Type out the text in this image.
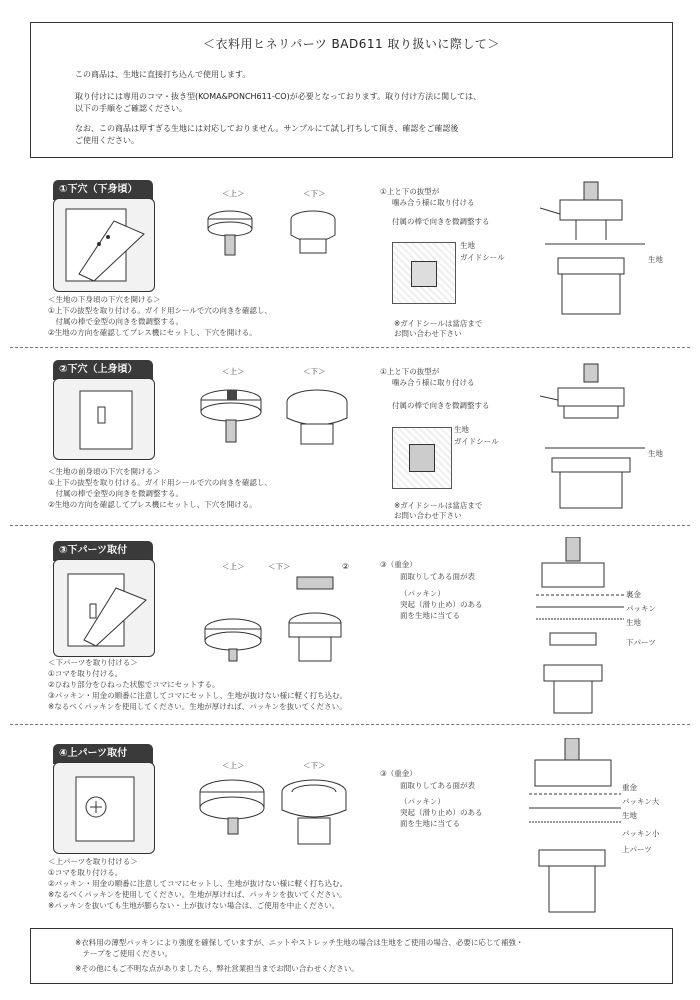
＜衣料用ヒネリパーツ BAD611 取り扱いに際して＞
この商品は、生地に直接打ち込んで使用します。
取り付けには専用のコマ・抜き型(KOMA&PONCH611-CO)が必要となっております。取り付け方法に関しては、
以下の手順をご確認ください。
なお、この商品は厚すぎる生地には対応しておりません。サンプルにて試し打ちして頂き、確認をご確認後
ご使用ください。
①下穴（下身頃）	＜上＞	＜下＞	①上と下の抜型が
噛み合う様に取り付ける
付属の棒で向きを微調整する
生地
ガイドシール
※ガイドシールは當店まで
お問い合わせ下さい
生地
＜生地の下身頃の下穴を開ける＞
①上下の抜型を取り付ける。ガイド用シールで穴の向きを確認し、
　付属の棒で金型の向きを微調整する。
②生地の方向を確認してプレス機にセットし、下穴を開ける。
②下穴（上身頃）	＜上＞	＜下＞	①上と下の抜型が
噛み合う様に取り付ける
付属の棒で向きを微調整する
生地
ガイドシール
※ガイドシールは當店まで
お問い合わせ下さい
生地
＜生地の前身頃の下穴を開ける＞
①上下の抜型を取り付ける。ガイド用シールで穴の向きを確認し、
　付属の棒で金型の向きを微調整する。
②生地の方向を確認してプレス機にセットし、下穴を開ける。
③下パーツ取付
＜上＞	＜下＞	②	③（重金）
面取りしてある面が表
（パッキン）
突起（滑り止め）のある
面を生地に当てる
裏金
パッキン
生地
下パーツ
＜下パーツを取り付ける＞
①コマを取り付ける。
②ひねり部分をひねった状態でコマにセットする。
③パッキン・用金の順番に注意してコマにセットし、生地が抜けない様に軽く打ち込む。
※なるべくパッキンを使用してください。生地が厚ければ、パッキンを抜いてください。
④上パーツ取付
＜上＞	＜下＞
③（重金）
面取りしてある面が表
（パッキン）
突起（滑り止め）のある
面を生地に当てる
重金
パッキン大
生地
パッキン小
上パーツ
＜上パーツを取り付ける＞
①コマを取り付ける。
②パッキン・用金の順番に注意してコマにセットし、生地が抜けない様に軽く打ち込む。
※なるべくパッキンを使用してください。生地が厚ければ、パッキンを抜いてください。
※パッキンを抜いても生地が膨らない・上が抜けない場合は、ご使用を中止ください。
※衣料用の薄型パッキンにより強度を確保していますが、ニットやストレッチ生地の場合は生地をご使用の場合、必要に応じて補強・
　テープをご使用ください。
※その他にもご不明な点がありましたら、弊社営業担当までお問い合わせください。
